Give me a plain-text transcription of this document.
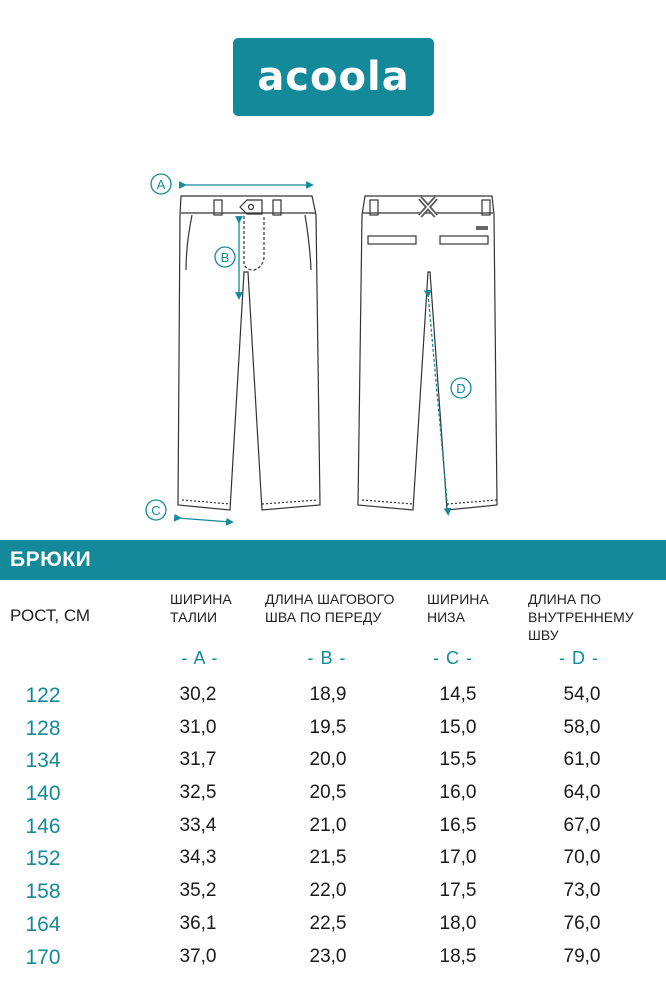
acoola
A
B
C
D
БРЮКИ
РОСТ, СМ
ШИРИНА
ТАЛИИ
ДЛИНА ШАГОВОГО
ШВА ПО ПЕРЕДУ
ШИРИНА
НИЗА
ДЛИНА ПО
ВНУТРЕННЕМУ ШВУ
- A -	- B -	- C -	- D -
122	30,2	18,9	14,5	54,0
128	31,0	19,5	15,0	58,0
134	31,7	20,0	15,5	61,0
140	32,5	20,5	16,0	64,0
146	33,4	21,0	16,5	67,0
152	34,3	21,5	17,0	70,0
158	35,2	22,0	17,5	73,0
164	36,1	22,5	18,0	76,0
170	37,0	23,0	18,5	79,0
